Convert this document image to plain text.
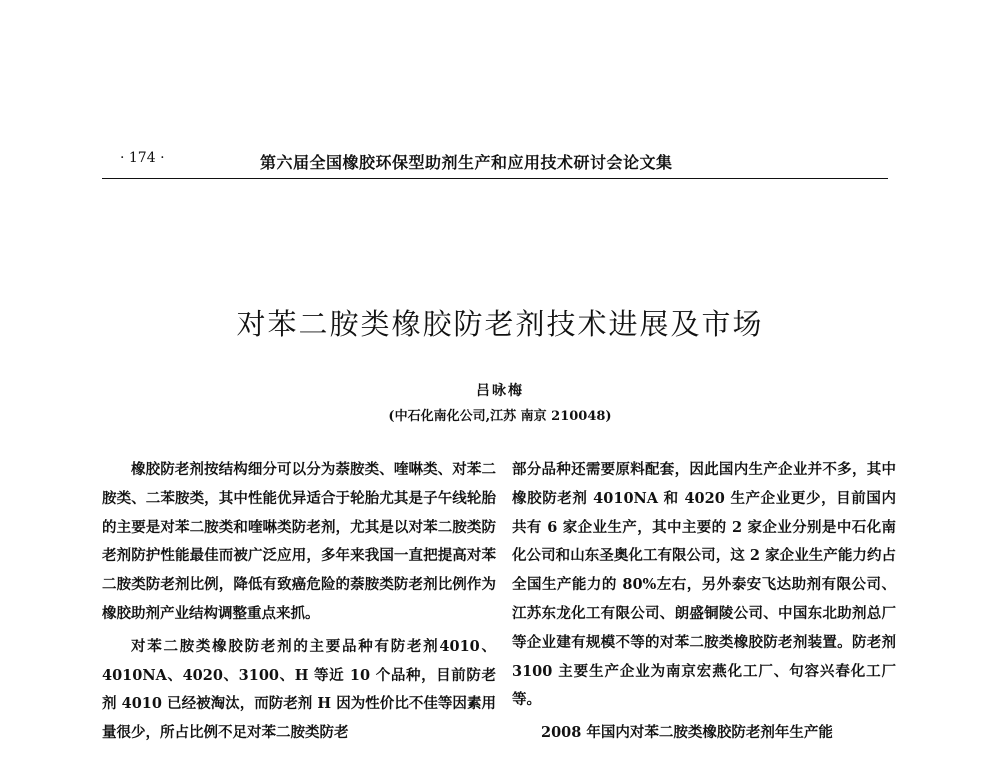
· 174 ·	第六届全国橡胶环保型助剂生产和应用技术研讨会论文集
对苯二胺类橡胶防老剂技术进展及市场
吕咏梅
(中石化南化公司,江苏 南京 210048)

橡胶防老剂按结构细分可以分为萘胺类、喹啉类、对苯二胺类、二苯胺类，其中性能优异适合于轮胎尤其是子午线轮胎的主要是对苯二胺类和喹啉类防老剂，尤其是以对苯二胺类防老剂防护性能最佳而被广泛应用，多年来我国一直把提高对苯二胺类防老剂比例，降低有致癌危险的萘胺类防老剂比例作为橡胶助剂产业结构调整重点来抓。

对苯二胺类橡胶防老剂的主要品种有防老剂4010、4010NA、4020、3100、H 等近 10 个品种，目前防老剂 4010 已经被淘汰，而防老剂 H 因为性价比不佳等因素用量很少，所占比例不足对苯二胺类防老

部分品种还需要原料配套，因此国内生产企业并不多，其中橡胶防老剂 4010NA 和 4020 生产企业更少，目前国内共有 6 家企业生产，其中主要的 2 家企业分别是中石化南化公司和山东圣奥化工有限公司，这 2 家企业生产能力约占全国生产能力的 80%左右，另外泰安飞达助剂有限公司、江苏东龙化工有限公司、朗盛铜陵公司、中国东北助剂总厂等企业建有规模不等的对苯二胺类橡胶防老剂装置。防老剂 3100 主要生产企业为南京宏燕化工厂、句容兴春化工厂等。

2008 年国内对苯二胺类橡胶防老剂年生产能
